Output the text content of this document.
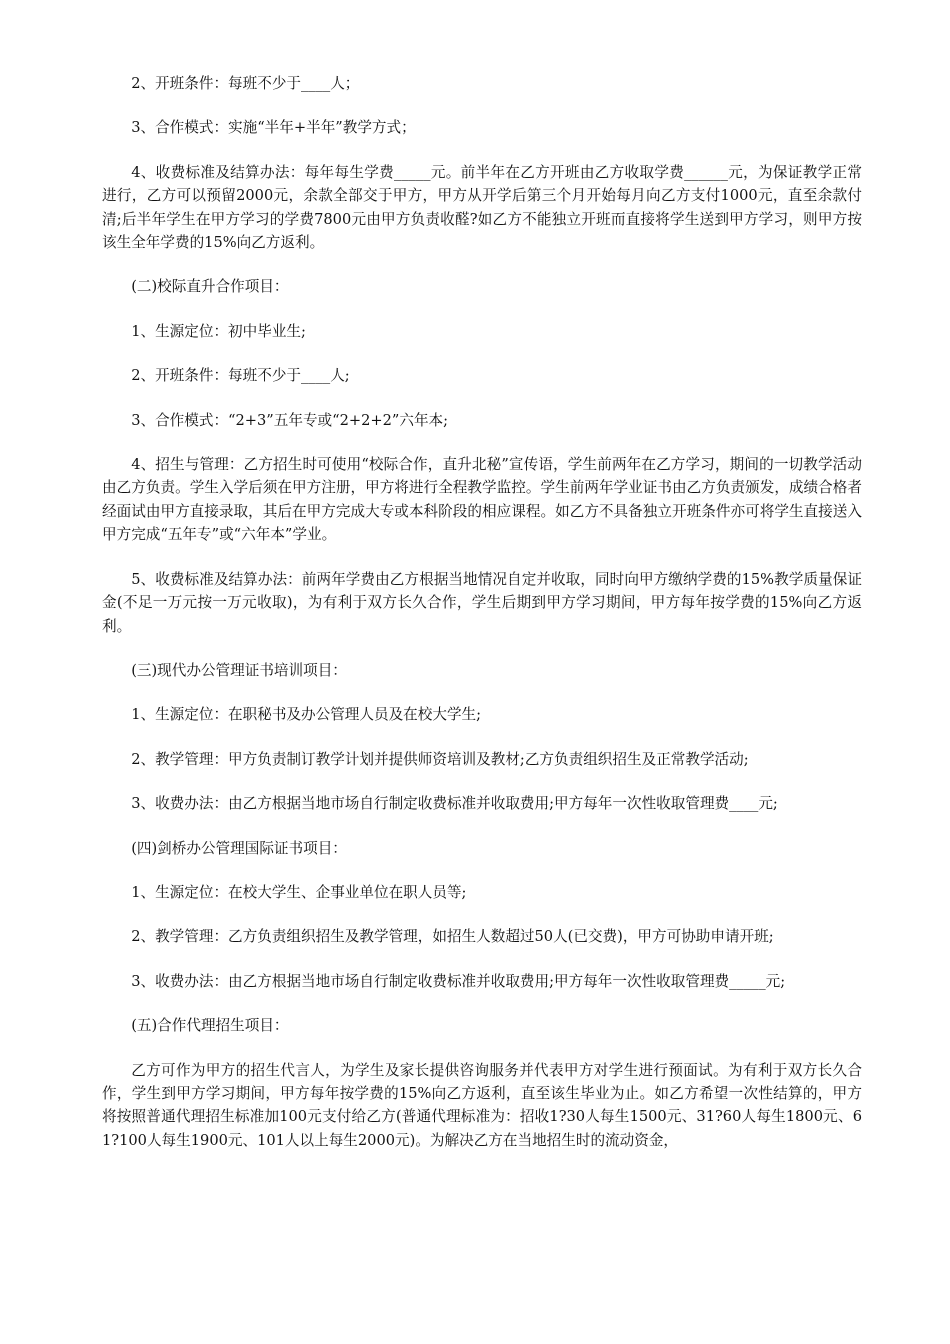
2、开班条件：每班不少于____人；

3、合作模式：实施“半年+半年”教学方式；

4、收费标准及结算办法：每年每生学费_____元。前半年在乙方开班由乙方收取学费______元，为保证教学正常进行，乙方可以预留2000元，余款全部交于甲方，甲方从开学后第三个月开始每月向乙方支付1000元，直至余款付清;后半年学生在甲方学习的学费7800元由甲方负责收醛?如乙方不能独立开班而直接将学生送到甲方学习，则甲方按该生全年学费的15%向乙方返利。

(二)校际直升合作项目：

1、生源定位：初中毕业生;

2、开班条件：每班不少于____人;

3、合作模式：“2+3”五年专或“2+2+2”六年本;

4、招生与管理：乙方招生时可使用“校际合作，直升北秘”宣传语，学生前两年在乙方学习，期间的一切教学活动由乙方负责。学生入学后须在甲方注册，甲方将进行全程教学监控。学生前两年学业证书由乙方负责颁发，成绩合格者经面试由甲方直接录取，其后在甲方完成大专或本科阶段的相应课程。如乙方不具备独立开班条件亦可将学生直接送入甲方完成“五年专”或“六年本”学业。

5、收费标准及结算办法：前两年学费由乙方根据当地情况自定并收取，同时向甲方缴纳学费的15%教学质量保证金(不足一万元按一万元收取)，为有利于双方长久合作，学生后期到甲方学习期间，甲方每年按学费的15%向乙方返利。

(三)现代办公管理证书培训项目：

1、生源定位：在职秘书及办公管理人员及在校大学生;

2、教学管理：甲方负责制订教学计划并提供师资培训及教材;乙方负责组织招生及正常教学活动;

3、收费办法：由乙方根据当地市场自行制定收费标准并收取费用;甲方每年一次性收取管理费____元;

(四)剑桥办公管理国际证书项目：

1、生源定位：在校大学生、企事业单位在职人员等;

2、教学管理：乙方负责组织招生及教学管理，如招生人数超过50人(已交费)，甲方可协助申请开班;

3、收费办法：由乙方根据当地市场自行制定收费标准并收取费用;甲方每年一次性收取管理费_____元;

(五)合作代理招生项目：

乙方可作为甲方的招生代言人，为学生及家长提供咨询服务并代表甲方对学生进行预面试。为有利于双方长久合作，学生到甲方学习期间，甲方每年按学费的15%向乙方返利，直至该生毕业为止。如乙方希望一次性结算的，甲方将按照普通代理招生标准加100元支付给乙方(普通代理标准为：招收1?30人每生1500元、31?60人每生1800元、61?100人每生1900元、101人以上每生2000元)。为解决乙方在当地招生时的流动资金，
